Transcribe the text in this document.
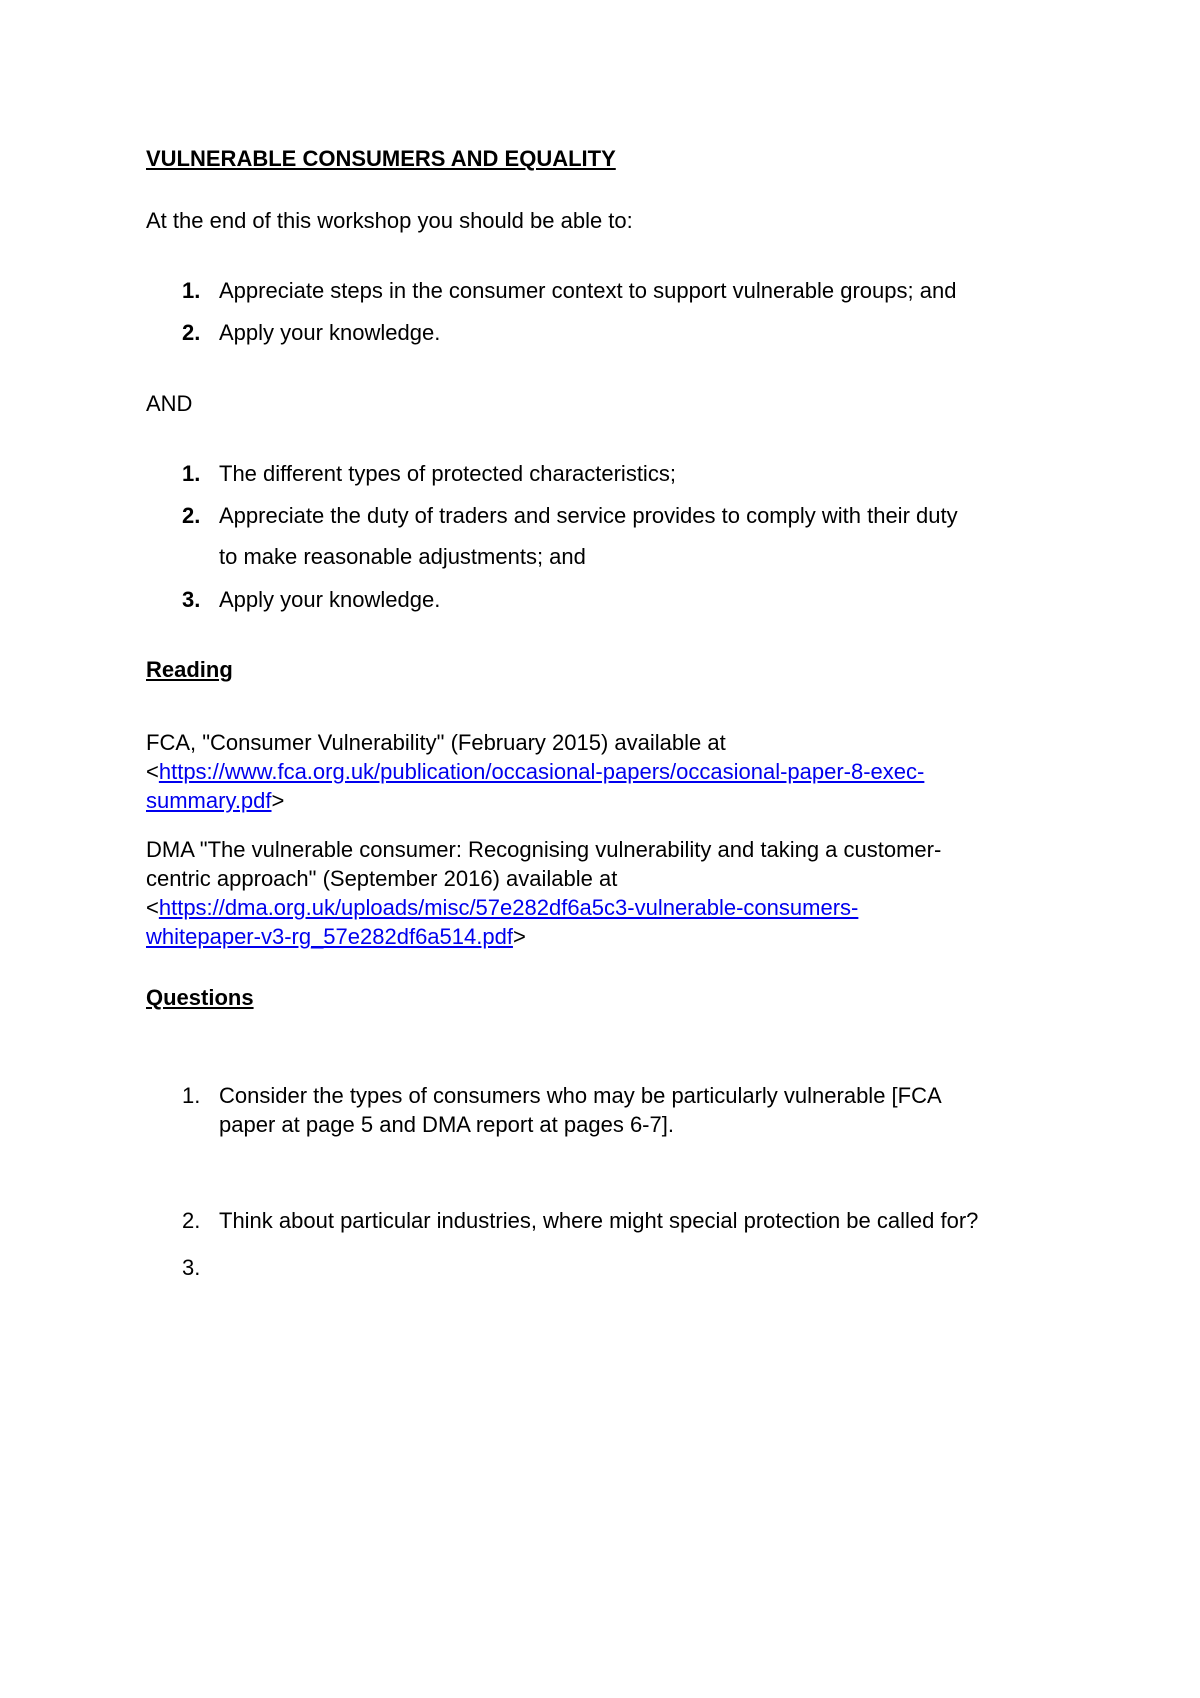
VULNERABLE CONSUMERS AND EQUALITY
At the end of this workshop you should be able to:
1. Appreciate steps in the consumer context to support vulnerable groups; and
2. Apply your knowledge.
AND
1. The different types of protected characteristics;
2. Appreciate the duty of traders and service provides to comply with their duty
to make reasonable adjustments; and
3. Apply your knowledge.
Reading
FCA, "Consumer Vulnerability" (February 2015) available at
<https://www.fca.org.uk/publication/occasional-papers/occasional-paper-8-exec-
summary.pdf>
DMA "The vulnerable consumer: Recognising vulnerability and taking a customer-
centric approach" (September 2016) available at
<https://dma.org.uk/uploads/misc/57e282df6a5c3-vulnerable-consumers-
whitepaper-v3-rg_57e282df6a514.pdf>
Questions
1. Consider the types of consumers who may be particularly vulnerable [FCA
paper at page 5 and DMA report at pages 6-7].
2. Think about particular industries, where might special protection be called for?
3.
